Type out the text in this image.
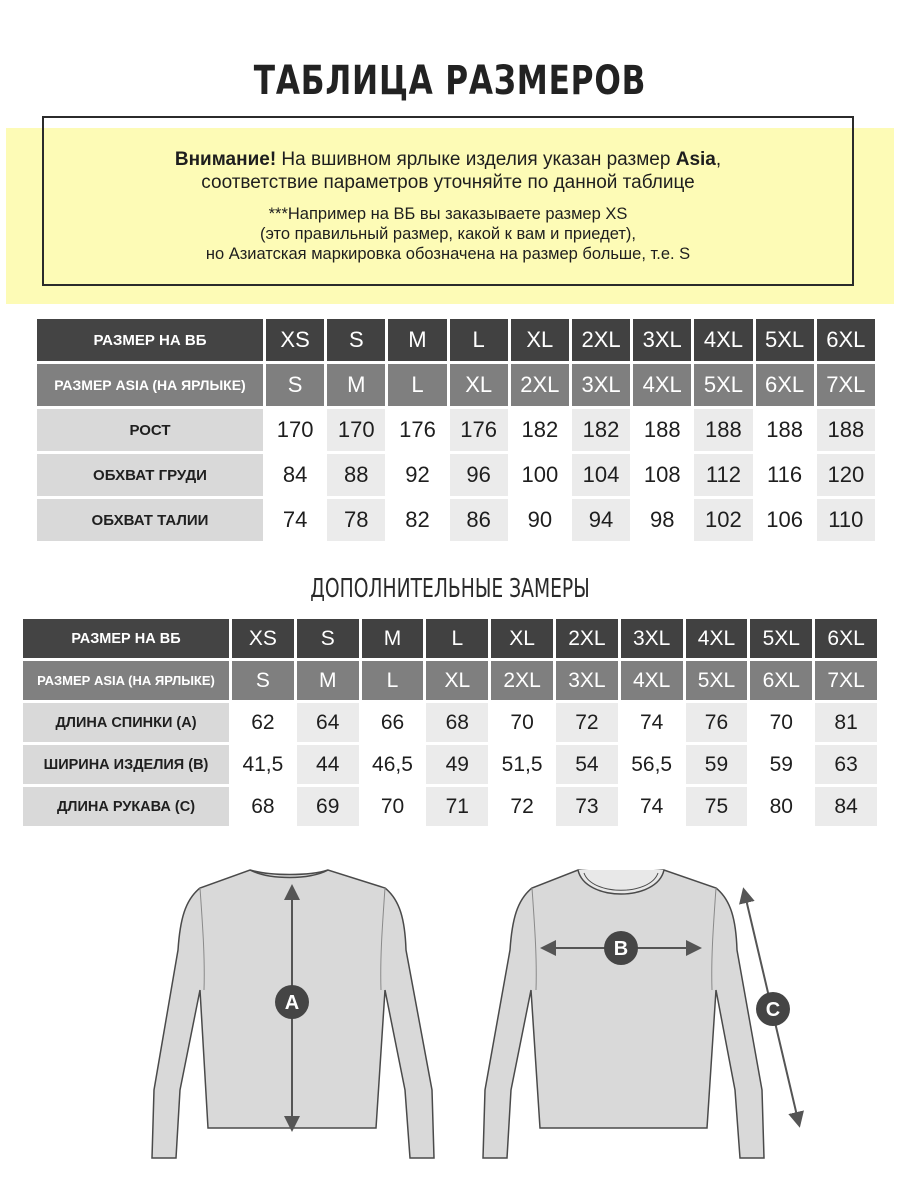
ТАБЛИЦА РАЗМЕРОВ
Внимание! На вшивном ярлыке изделия указан размер Asia,
соответствие параметров уточняйте по данной таблице
***Например на ВБ вы заказываете размер XS
(это правильный размер, какой к вам и приедет),
но Азиатская маркировка обозначена на размер больше, т.е. S
РАЗМЕР НА ВБ	XS	S	M	L	XL	2XL	3XL	4XL	5XL	6XL
РАЗМЕР ASIA (НА ЯРЛЫКЕ)	S	M	L	XL	2XL	3XL	4XL	5XL	6XL	7XL
РОСТ	170	170	176	176	182	182	188	188	188	188
ОБХВАТ ГРУДИ	84	88	92	96	100	104	108	112	116	120
ОБХВАТ ТАЛИИ	74	78	82	86	90	94	98	102	106	110
ДОПОЛНИТЕЛЬНЫЕ ЗАМЕРЫ
РАЗМЕР НА ВБ	XS	S	M	L	XL	2XL	3XL	4XL	5XL	6XL
РАЗМЕР ASIA (НА ЯРЛЫКЕ)	S	M	L	XL	2XL	3XL	4XL	5XL	6XL	7XL
ДЛИНА СПИНКИ (А)	62	64	66	68	70	72	74	76	70	81
ШИРИНА ИЗДЕЛИЯ (В)	41,5	44	46,5	49	51,5	54	56,5	59	59	63
ДЛИНА РУКАВА (С)	68	69	70	71	72	73	74	75	80	84
A
B
C
